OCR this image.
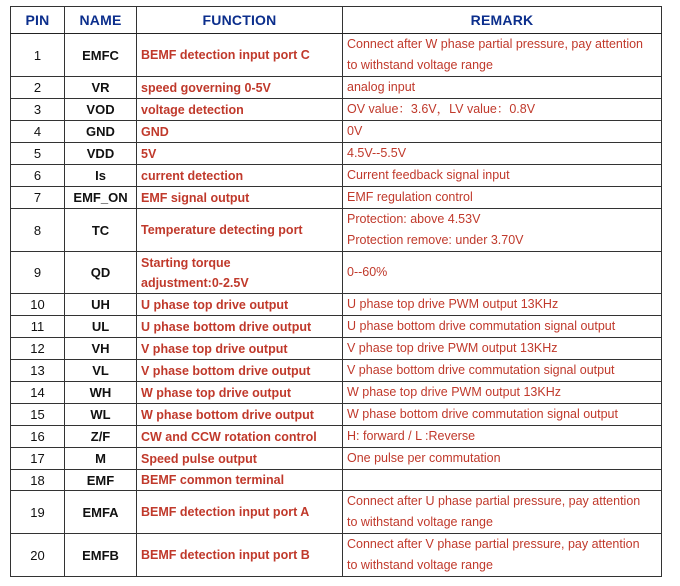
PIN	NAME	FUNCTION	REMARK
1	EMFC	BEMF detection input port C	Connect after W phase partial pressure, pay attention
to withstand voltage range

2	VR	speed governing 0-5V	analog input

3	VOD	voltage detection	OV value：3.6V，LV value：0.8V

4	GND	GND	0V

5	VDD	5V	4.5V--5.5V

6	Is	current detection	Current feedback signal input

7	EMF_ON	EMF signal output	EMF regulation control

8	TC	Temperature detecting port	Protection: above 4.53V
Protection remove: under 3.70V

9	QD	Starting torque
adjustment:0-2.5V	0--60%

10	UH	U phase top drive output	U phase top drive PWM output 13KHz

11	UL	U phase bottom drive output	U phase bottom drive commutation signal output

12	VH	V phase top drive output	V phase top drive PWM output 13KHz

13	VL	V phase bottom drive output	V phase bottom drive commutation signal output

14	WH	W phase top drive output	W phase top drive PWM output 13KHz

15	WL	W phase bottom drive output	W phase bottom drive commutation signal output

16	Z/F	CW and CCW rotation control	H: forward / L :Reverse

17	M	Speed pulse output	One pulse per commutation

18	EMF	BEMF common terminal	

19	EMFA	BEMF detection input port A	Connect after U phase partial pressure, pay attention
to withstand voltage range

20	EMFB	BEMF detection input port B	Connect after V phase partial pressure, pay attention
to withstand voltage range
